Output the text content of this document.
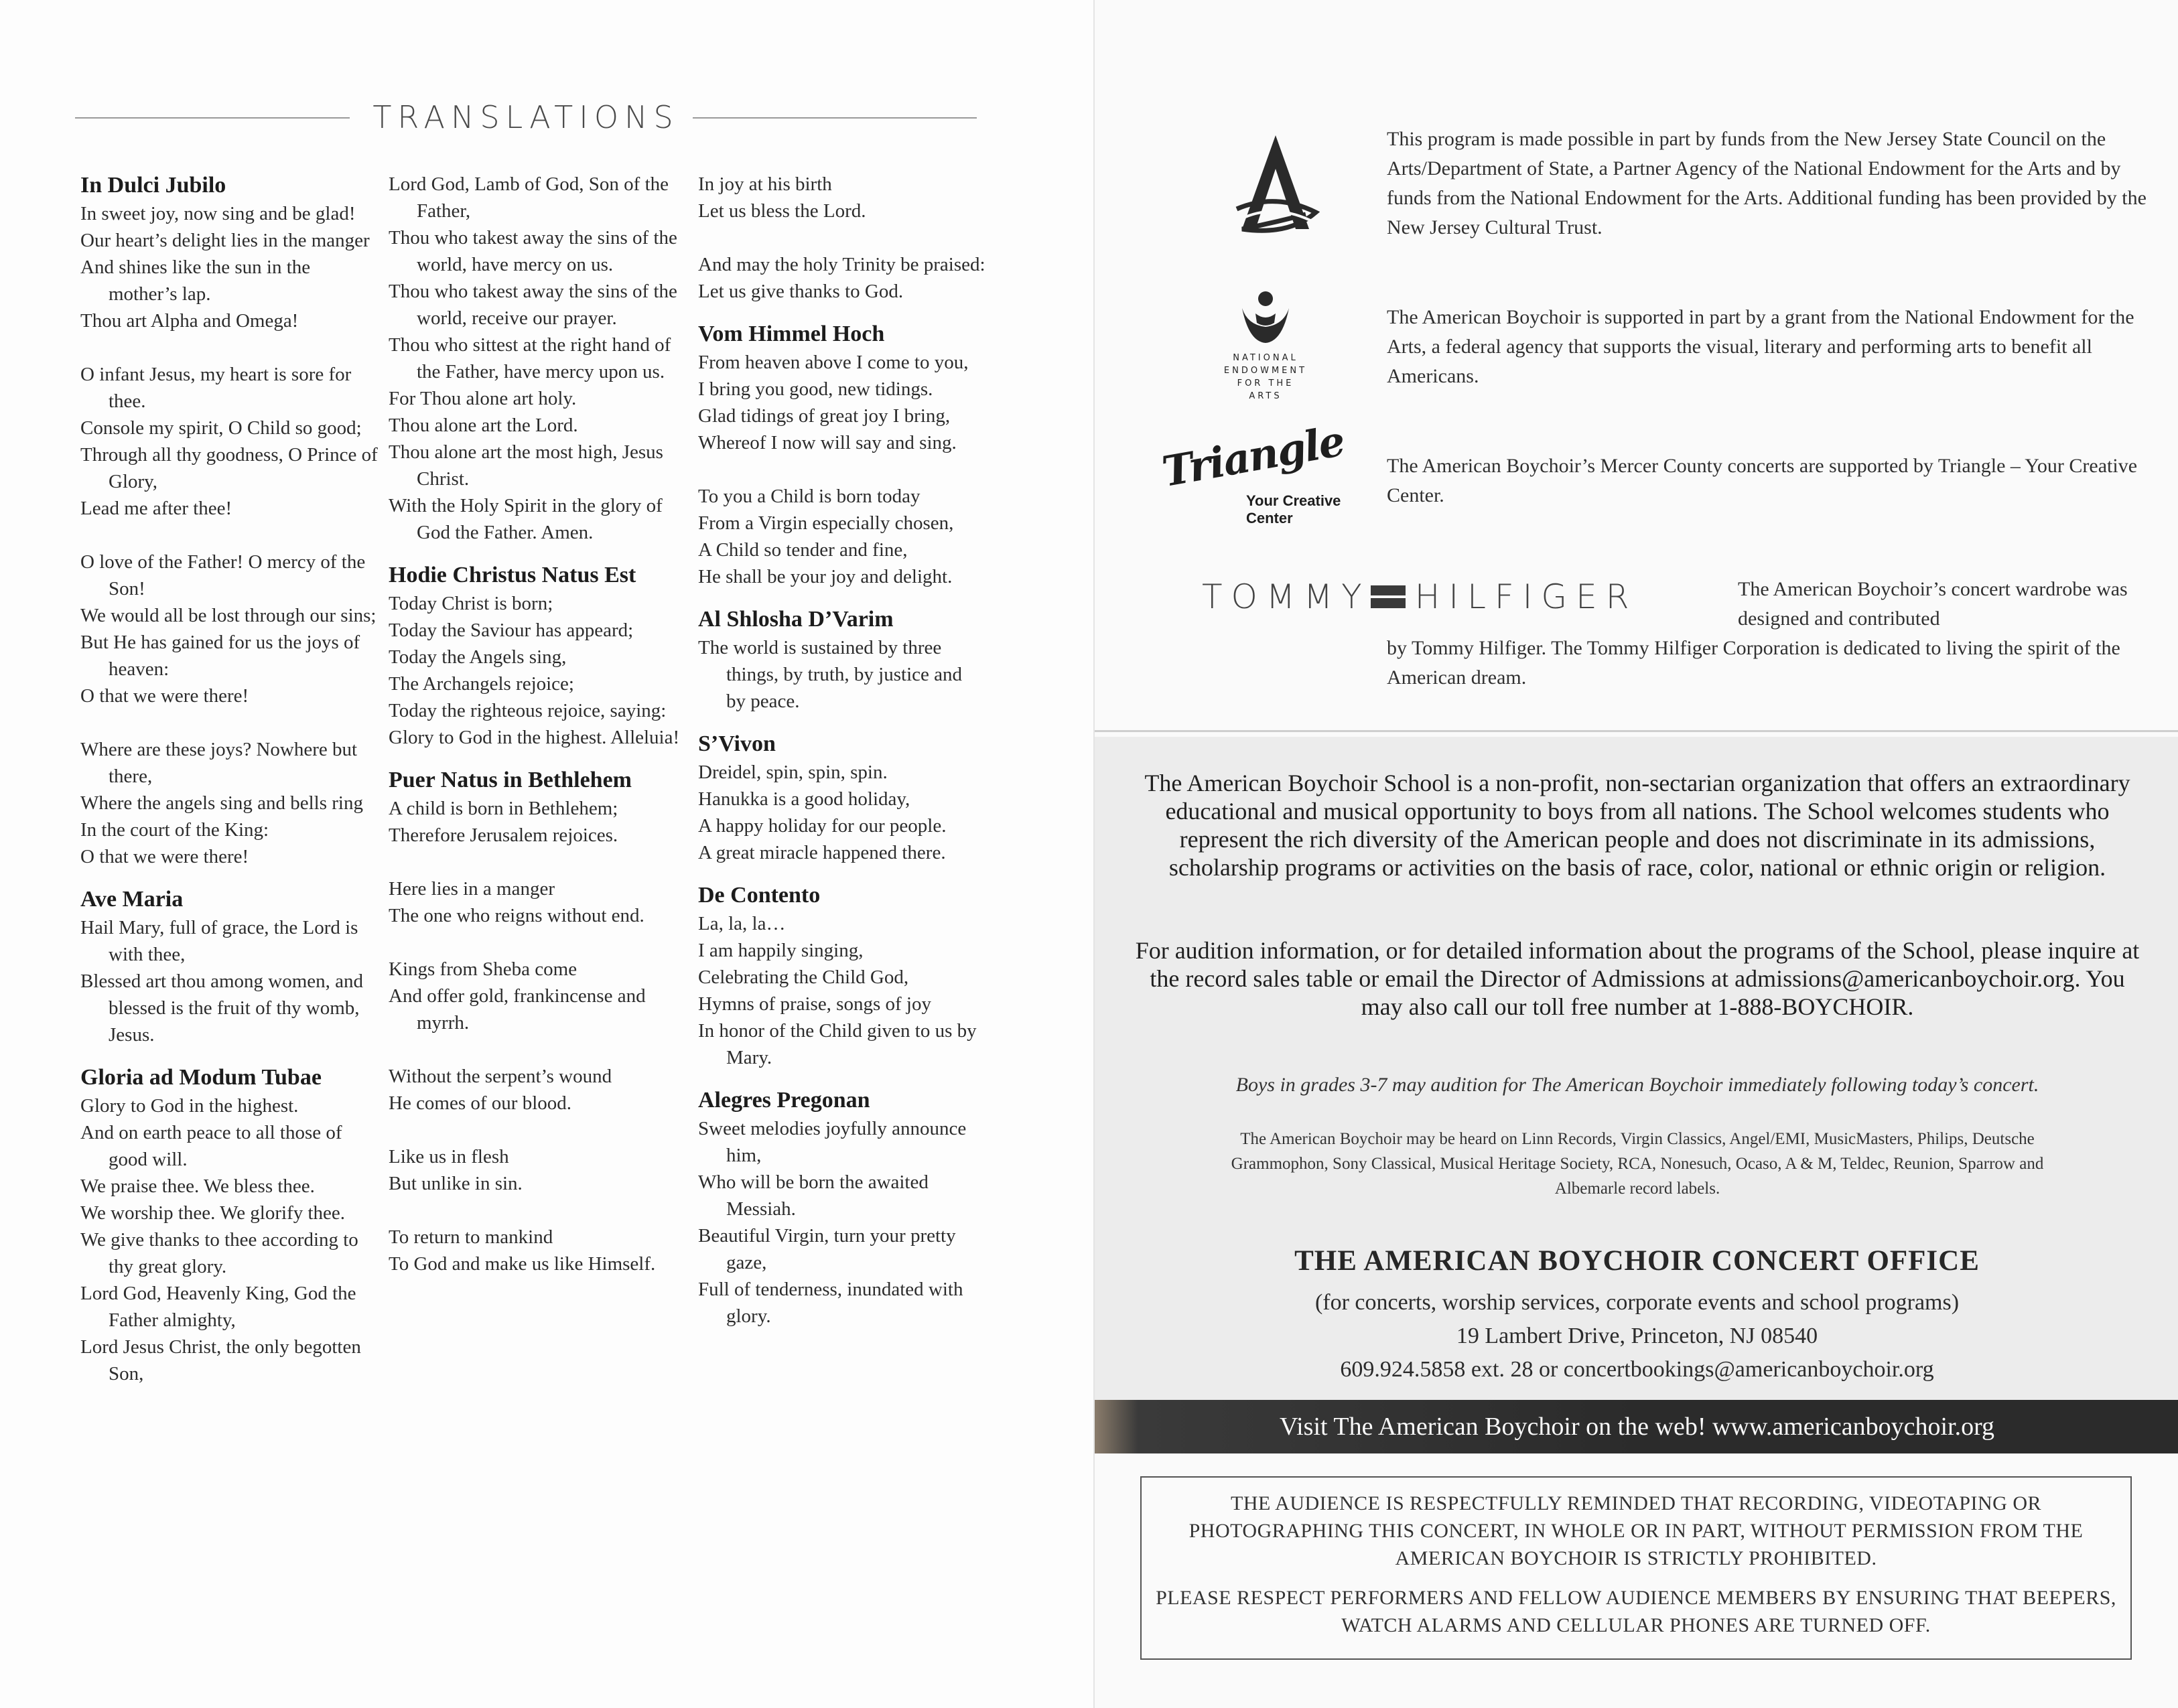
TRANSLATIONS
In Dulci Jubilo
In sweet joy, now sing and be glad!
Our heart’s delight lies in the manger
And shines like the sun in the mother’s lap.
Thou art Alpha and Omega!
O infant Jesus, my heart is sore for thee.
Console my spirit, O Child so good;
Through all thy goodness, O Prince of Glory,
Lead me after thee!
O love of the Father! O mercy of the Son!
We would all be lost through our sins;
But He has gained for us the joys of heaven:
O that we were there!
Where are these joys? Nowhere but there,
Where the angels sing and bells ring
In the court of the King:
O that we were there!
Ave Maria
Hail Mary, full of grace, the Lord is with thee,
Blessed art thou among women, and blessed is the fruit of thy womb, Jesus.
Gloria ad Modum Tubae
Glory to God in the highest.
And on earth peace to all those of good will.
We praise thee. We bless thee.
We worship thee. We glorify thee.
We give thanks to thee according to thy great glory.
Lord God, Heavenly King, God the Father almighty,
Lord Jesus Christ, the only begotten Son,
Lord God, Lamb of God, Son of the Father,
Thou who takest away the sins of the world, have mercy on us.
Thou who takest away the sins of the world, receive our prayer.
Thou who sittest at the right hand of the Father, have mercy upon us.
For Thou alone art holy.
Thou alone art the Lord.
Thou alone art the most high, Jesus Christ.
With the Holy Spirit in the glory of God the Father. Amen.
Hodie Christus Natus Est
Today Christ is born;
Today the Saviour has appeard;
Today the Angels sing,
The Archangels rejoice;
Today the righteous rejoice, saying:
Glory to God in the highest. Alleluia!
Puer Natus in Bethlehem
A child is born in Bethlehem;
Therefore Jerusalem rejoices.
Here lies in a manger
The one who reigns without end.
Kings from Sheba come
And offer gold, frankincense and myrrh.
Without the serpent’s wound
He comes of our blood.
Like us in flesh
But unlike in sin.
To return to mankind
To God and make us like Himself.
In joy at his birth
Let us bless the Lord.
And may the holy Trinity be praised:
Let us give thanks to God.
Vom Himmel Hoch
From heaven above I come to you,
I bring you good, new tidings.
Glad tidings of great joy I bring,
Whereof I now will say and sing.
To you a Child is born today
From a Virgin especially chosen,
A Child so tender and fine,
He shall be your joy and delight.
Al Shlosha D’Varim
The world is sustained by three things, by truth, by justice and by peace.
S’Vivon
Dreidel, spin, spin, spin.
Hanukka is a good holiday,
A happy holiday for our people.
A great miracle happened there.
De Contento
La, la, la…
I am happily singing,
Celebrating the Child God,
Hymns of praise, songs of joy
In honor of the Child given to us by Mary.
Alegres Pregonan
Sweet melodies joyfully announce him,
Who will be born the awaited Messiah.
Beautiful Virgin, turn your pretty gaze,
Full of tenderness, inundated with glory.
This program is made possible in part by funds from the New Jersey State Council on the Arts/Department of State, a Partner Agency of the National Endowment for the Arts and by funds from the National Endowment for the Arts. Additional funding has been provided by the New Jersey Cultural Trust.
NATIONAL
ENDOWMENT
FOR THE ARTS
The American Boychoir is supported in part by a grant from the National Endowment for the Arts, a federal agency that supports the visual, literary and performing arts to benefit all Americans.
Triangle
Your Creative Center
The American Boychoir’s Mercer County concerts are supported by Triangle – Your Creative Center.
TOMMY HILFIGER	The American Boychoir’s concert wardrobe was designed and contributed
by Tommy Hilfiger. The Tommy Hilfiger Corporation is dedicated to living the spirit of the American dream.
The American Boychoir School is a non-profit, non-sectarian organization that offers an extraordinary educational and musical opportunity to boys from all nations. The School welcomes students who represent the rich diversity of the American people and does not discriminate in its admissions, scholarship programs or activities on the basis of race, color, national or ethnic origin or religion.
For audition information, or for detailed information about the programs of the School, please inquire at the record sales table or email the Director of Admissions at admissions@americanboychoir.org. You may also call our toll free number at 1-888-BOYCHOIR.
Boys in grades 3-7 may audition for The American Boychoir immediately following today’s concert.
The American Boychoir may be heard on Linn Records, Virgin Classics, Angel/EMI, MusicMasters, Philips, Deutsche Grammophon, Sony Classical, Musical Heritage Society, RCA, Nonesuch, Ocaso, A & M, Teldec, Reunion, Sparrow and Albemarle record labels.
THE AMERICAN BOYCHOIR CONCERT OFFICE
(for concerts, worship services, corporate events and school programs)
19 Lambert Drive, Princeton, NJ 08540
609.924.5858 ext. 28 or concertbookings@americanboychoir.org
Visit The American Boychoir on the web! www.americanboychoir.org

THE AUDIENCE IS RESPECTFULLY REMINDED THAT RECORDING, VIDEOTAPING OR PHOTOGRAPHING THIS CONCERT, IN WHOLE OR IN PART, WITHOUT PERMISSION FROM THE AMERICAN BOYCHOIR IS STRICTLY PROHIBITED.

PLEASE RESPECT PERFORMERS AND FELLOW AUDIENCE MEMBERS BY ENSURING THAT BEEPERS, WATCH ALARMS AND CELLULAR PHONES ARE TURNED OFF.
